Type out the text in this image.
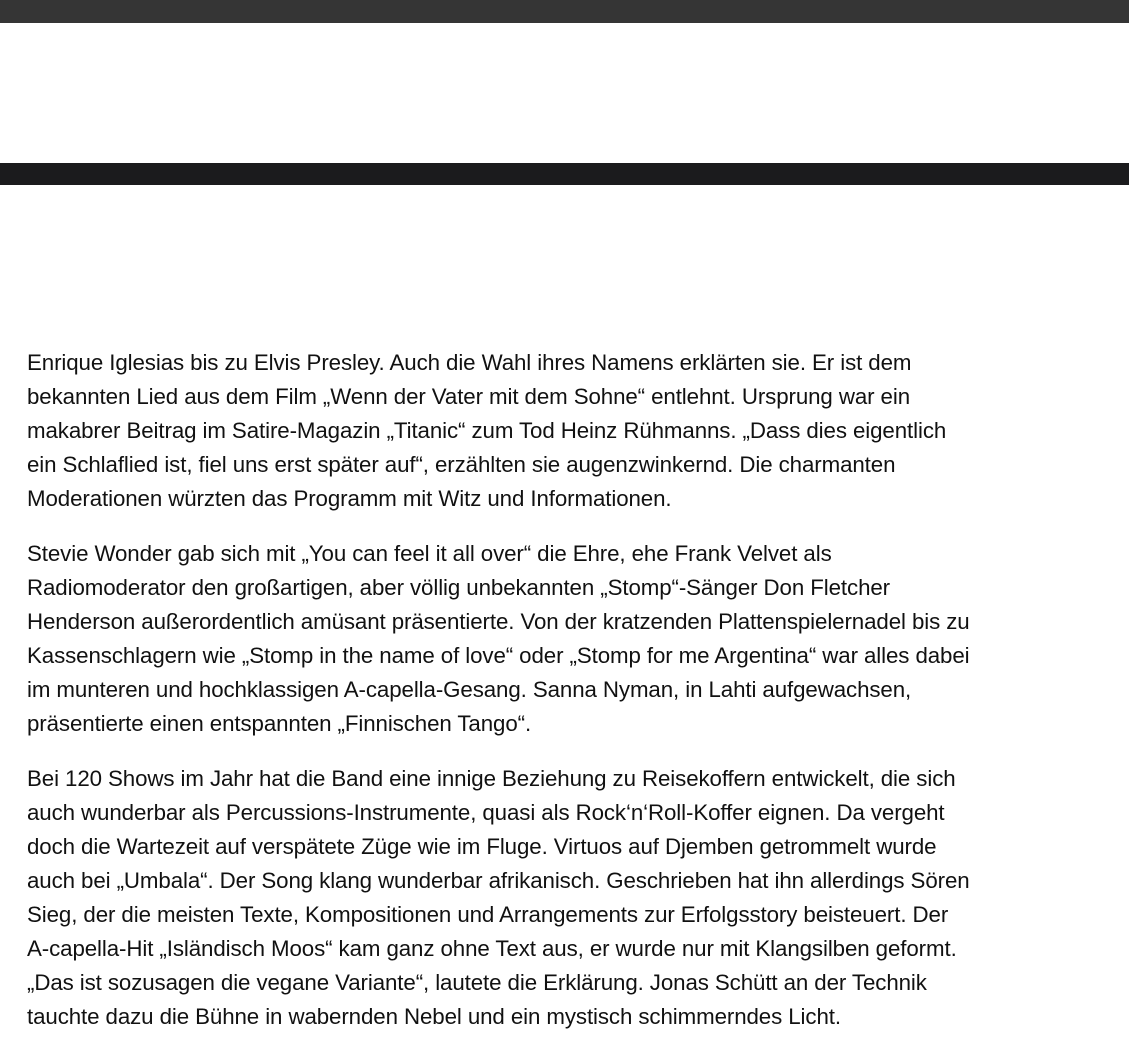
Enrique Iglesias bis zu Elvis Presley. Auch die Wahl ihres Namens erklärten sie. Er ist dem
bekannten Lied aus dem Film „Wenn der Vater mit dem Sohne“ entlehnt. Ursprung war ein
makabrer Beitrag im Satire-Magazin „Titanic“ zum Tod Heinz Rühmanns. „Dass dies eigentlich
ein Schlaflied ist, fiel uns erst später auf“, erzählten sie augenzwinkernd. Die charmanten
Moderationen würzten das Programm mit Witz und Informationen.

Stevie Wonder gab sich mit „You can feel it all over“ die Ehre, ehe Frank Velvet als
Radiomoderator den großartigen, aber völlig unbekannten „Stomp“-Sänger Don Fletcher
Henderson außerordentlich amüsant präsentierte. Von der kratzenden Plattenspielernadel bis zu
Kassenschlagern wie „Stomp in the name of love“ oder „Stomp for me Argentina“ war alles dabei
im munteren und hochklassigen A-capella-Gesang. Sanna Nyman, in Lahti aufgewachsen,
präsentierte einen entspannten „Finnischen Tango“.

Bei 120 Shows im Jahr hat die Band eine innige Beziehung zu Reisekoffern entwickelt, die sich
auch wunderbar als Percussions-Instrumente, quasi als Rock‘n‘Roll-Koffer eignen. Da vergeht
doch die Wartezeit auf verspätete Züge wie im Fluge. Virtuos auf Djemben getrommelt wurde
auch bei „Umbala“. Der Song klang wunderbar afrikanisch. Geschrieben hat ihn allerdings Sören
Sieg, der die meisten Texte, Kompositionen und Arrangements zur Erfolgsstory beisteuert. Der
A-capella-Hit „Isländisch Moos“ kam ganz ohne Text aus, er wurde nur mit Klangsilben geformt.
„Das ist sozusagen die vegane Variante“, lautete die Erklärung. Jonas Schütt an der Technik
tauchte dazu die Bühne in wabernden Nebel und ein mystisch schimmerndes Licht.
